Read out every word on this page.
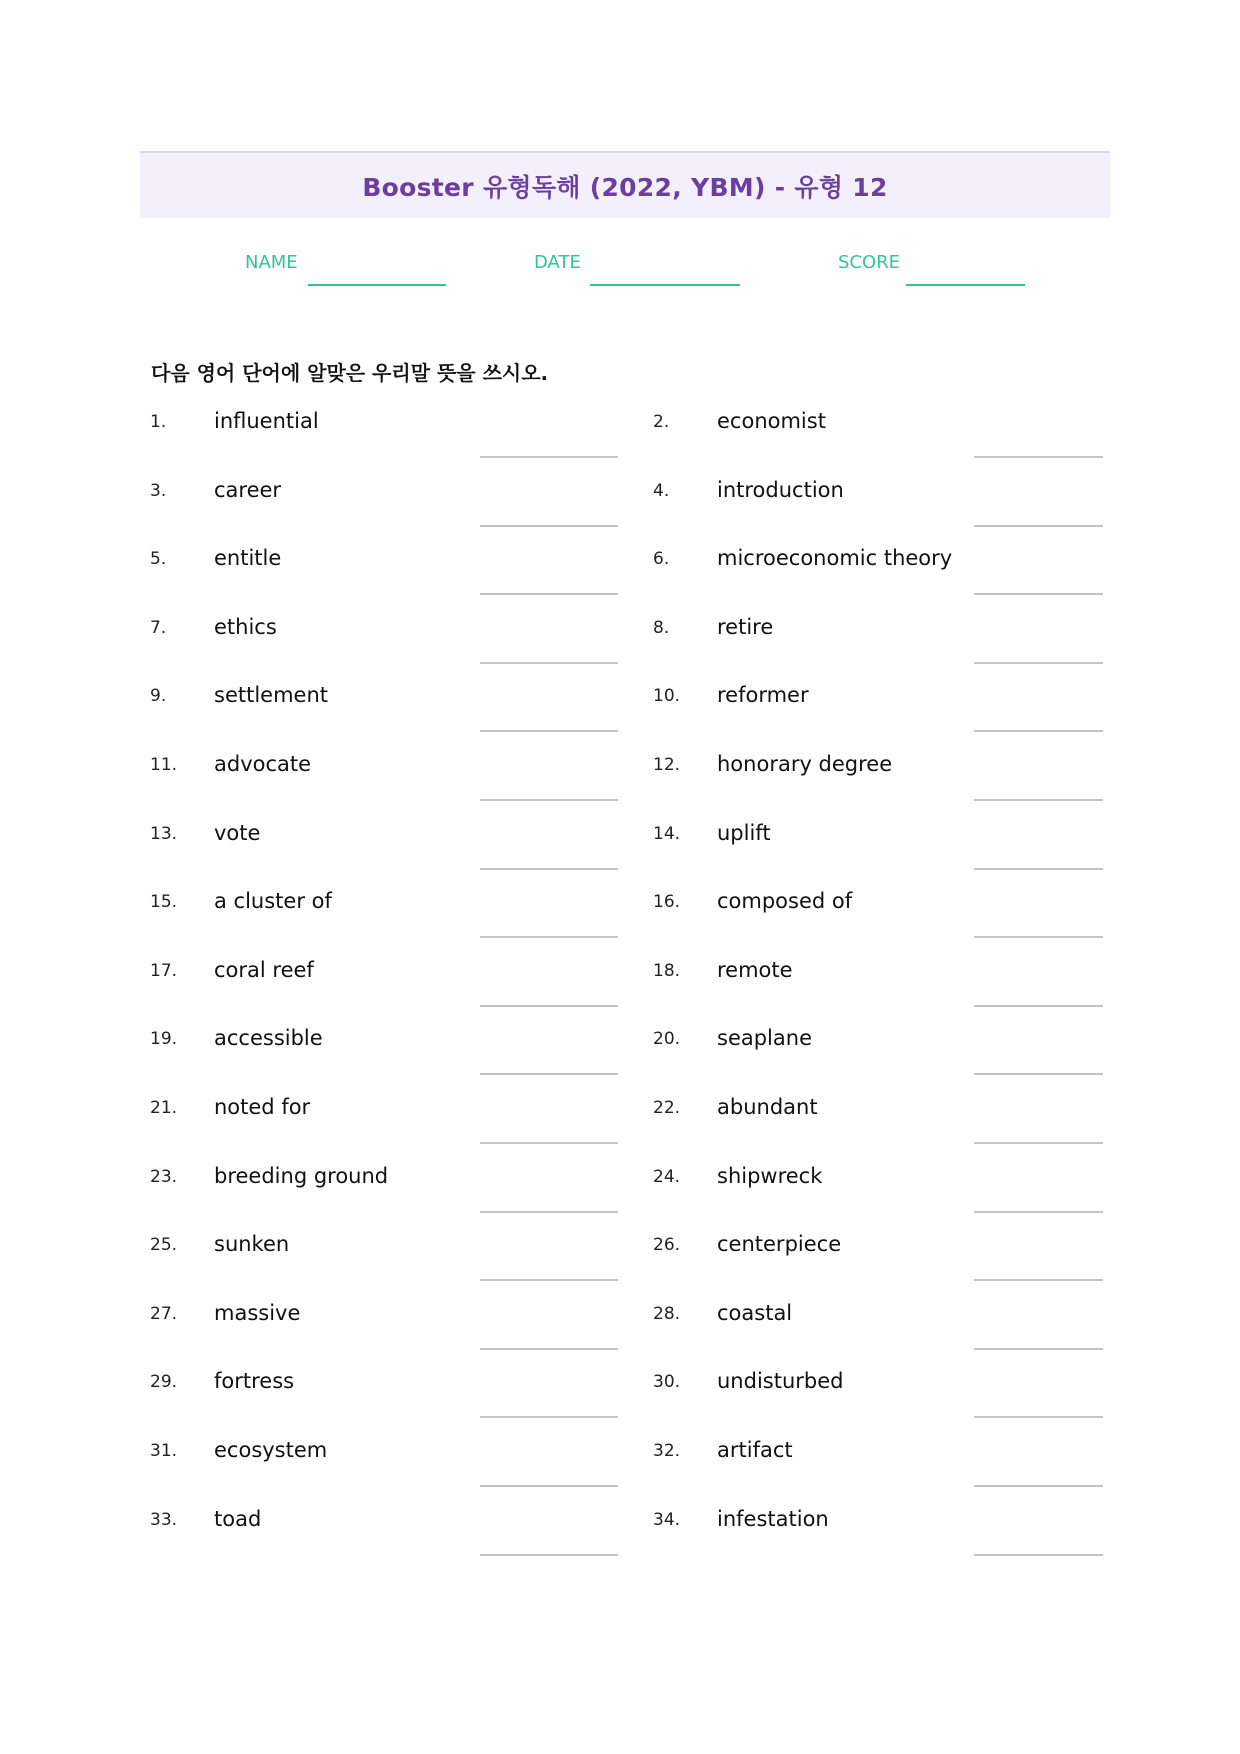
Booster 유형독해 (2022, YBM) - 유형 12
NAME	DATE	SCORE
다음 영어 단어에 알맞은 우리말 뜻을 쓰시오.
1. influential	2. economist
3. career	4. introduction
5. entitle	6. microeconomic theory
7. ethics	8. retire
9. settlement	10. reformer
11. advocate	12. honorary degree
13. vote	14. uplift
15. a cluster of	16. composed of
17. coral reef	18. remote
19. accessible	20. seaplane
21. noted for	22. abundant
23. breeding ground	24. shipwreck
25. sunken	26. centerpiece
27. massive	28. coastal
29. fortress	30. undisturbed
31. ecosystem	32. artifact
33. toad	34. infestation
